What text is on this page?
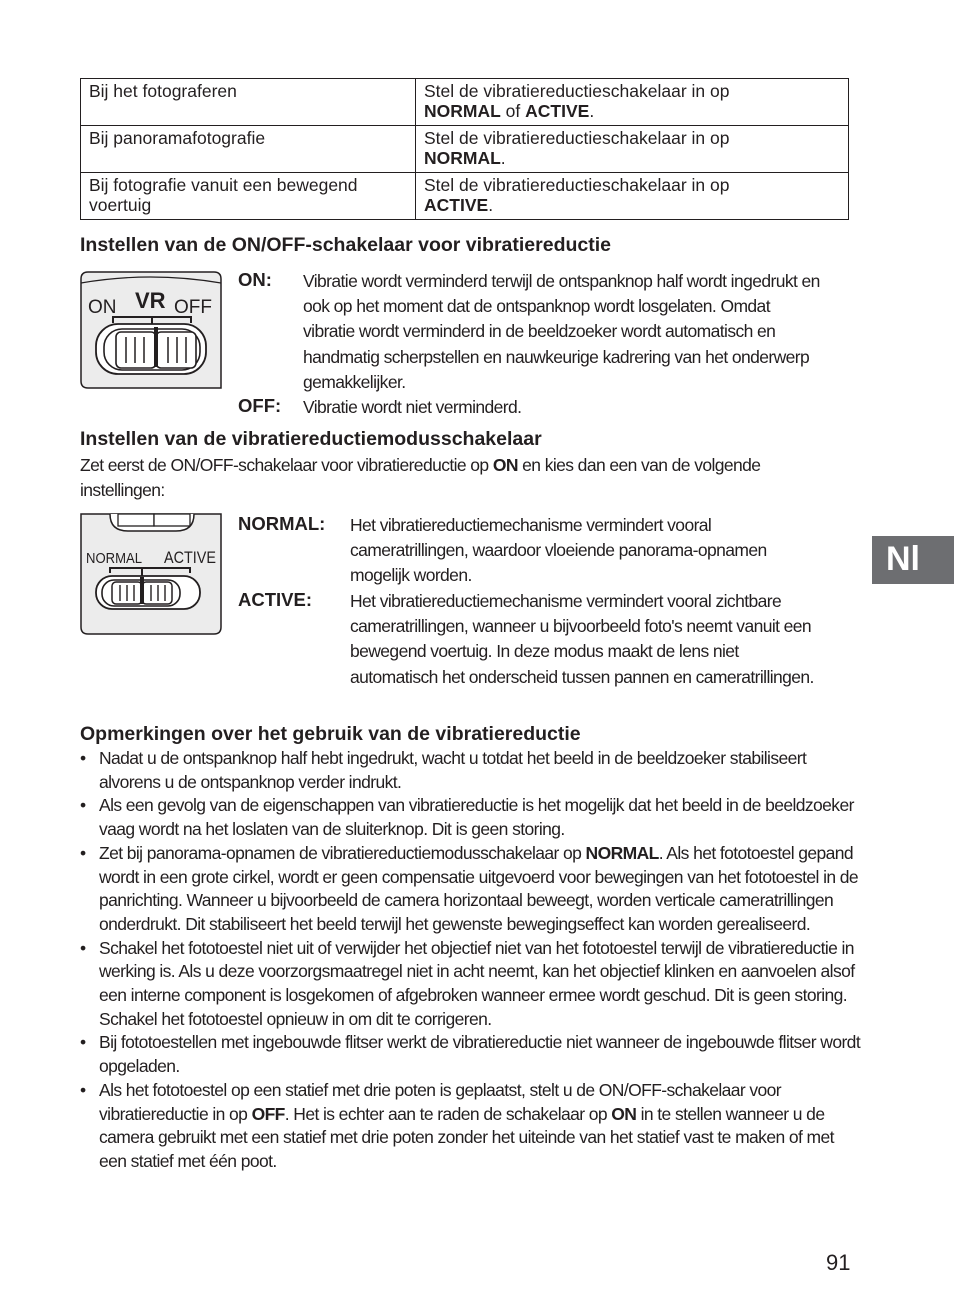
Bij het fotograferen	Stel de vibratiereductieschakelaar in op
NORMAL of ACTIVE.
Bij panoramafotografie	Stel de vibratiereductieschakelaar in op
NORMAL.
Bij fotografie vanuit een bewegend voertuig	Stel de vibratiereductieschakelaar in op
ACTIVE.
Instellen van de ON/OFF-schakelaar voor vibratiereductie
ON VR OFF
ON: Vibratie wordt verminderd terwijl de ontspanknop half wordt ingedrukt en ook op het moment dat de ontspanknop wordt losgelaten. Omdat vibratie wordt verminderd in de beeldzoeker wordt automatisch en handmatig scherpstellen en nauwkeurige kadrering van het onderwerp gemakkelijker.
OFF: Vibratie wordt niet verminderd.
Instellen van de vibratiereductiemodusschakelaar
Zet eerst de ON/OFF-schakelaar voor vibratiereductie op ON en kies dan een van de volgende instellingen:
NORMAL ACTIVE
NORMAL: Het vibratiereductiemechanisme vermindert vooral cameratrillingen, waardoor vloeiende panorama-opnamen mogelijk worden.
ACTIVE: Het vibratiereductiemechanisme vermindert vooral zichtbare cameratrillingen, wanneer u bijvoorbeeld foto's neemt vanuit een bewegend voertuig. In deze modus maakt de lens niet automatisch het onderscheid tussen pannen en cameratrillingen.
Opmerkingen over het gebruik van de vibratiereductie
• Nadat u de ontspanknop half hebt ingedrukt, wacht u totdat het beeld in de beeldzoeker stabiliseert alvorens u de ontspanknop verder indrukt.
• Als een gevolg van de eigenschappen van vibratiereductie is het mogelijk dat het beeld in de beeldzoeker vaag wordt na het loslaten van de sluiterknop. Dit is geen storing.
• Zet bij panorama-opnamen de vibratiereductiemodusschakelaar op NORMAL. Als het fototoestel gepand wordt in een grote cirkel, wordt er geen compensatie uitgevoerd voor bewegingen van het fototoestel in de panrichting. Wanneer u bijvoorbeeld de camera horizontaal beweegt, worden verticale cameratrillingen onderdrukt. Dit stabiliseert het beeld terwijl het gewenste bewegingseffect kan worden gerealiseerd.
• Schakel het fototoestel niet uit of verwijder het objectief niet van het fototoestel terwijl de vibratiereductie in werking is. Als u deze voorzorgsmaatregel niet in acht neemt, kan het objectief klinken en aanvoelen alsof een interne component is losgekomen of afgebroken wanneer ermee wordt geschud. Dit is geen storing. Schakel het fototoestel opnieuw in om dit te corrigeren.
• Bij fototoestellen met ingebouwde flitser werkt de vibratiereductie niet wanneer de ingebouwde flitser wordt opgeladen.
• Als het fototoestel op een statief met drie poten is geplaatst, stelt u de ON/OFF-schakelaar voor vibratiereductie in op OFF. Het is echter aan te raden de schakelaar op ON in te stellen wanneer u de camera gebruikt met een statief met drie poten zonder het uiteinde van het statief vast te maken of met een statief met één poot.
Nl
91
